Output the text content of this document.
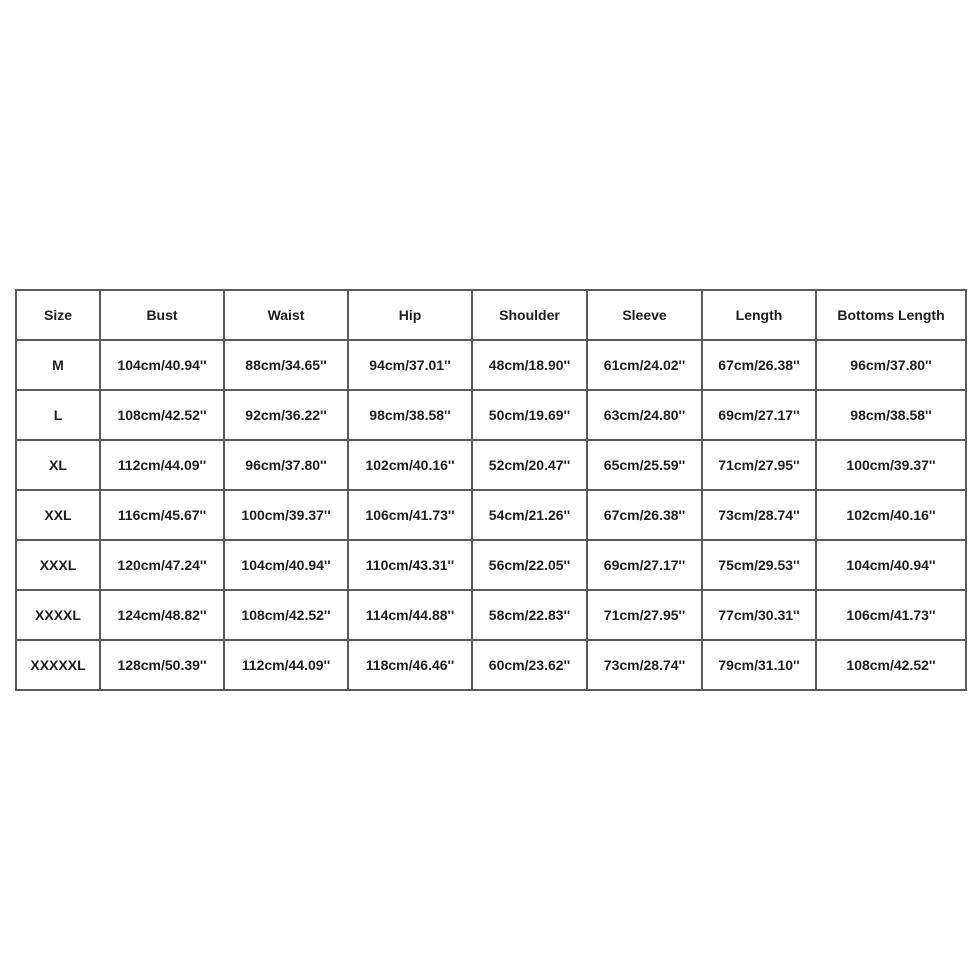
Size	Bust	Waist	Hip	Shoulder	Sleeve	Length	Bottoms Length
M	104cm/40.94''	88cm/34.65''	94cm/37.01''	48cm/18.90''	61cm/24.02''	67cm/26.38''	96cm/37.80''
L	108cm/42.52''	92cm/36.22''	98cm/38.58''	50cm/19.69''	63cm/24.80''	69cm/27.17''	98cm/38.58''
XL	112cm/44.09''	96cm/37.80''	102cm/40.16''	52cm/20.47''	65cm/25.59''	71cm/27.95''	100cm/39.37''
XXL	116cm/45.67''	100cm/39.37''	106cm/41.73''	54cm/21.26''	67cm/26.38''	73cm/28.74''	102cm/40.16''
XXXL	120cm/47.24''	104cm/40.94''	110cm/43.31''	56cm/22.05''	69cm/27.17''	75cm/29.53''	104cm/40.94''
XXXXL	124cm/48.82''	108cm/42.52''	114cm/44.88''	58cm/22.83''	71cm/27.95''	77cm/30.31''	106cm/41.73''
XXXXXL	128cm/50.39''	112cm/44.09''	118cm/46.46''	60cm/23.62''	73cm/28.74''	79cm/31.10''	108cm/42.52''
